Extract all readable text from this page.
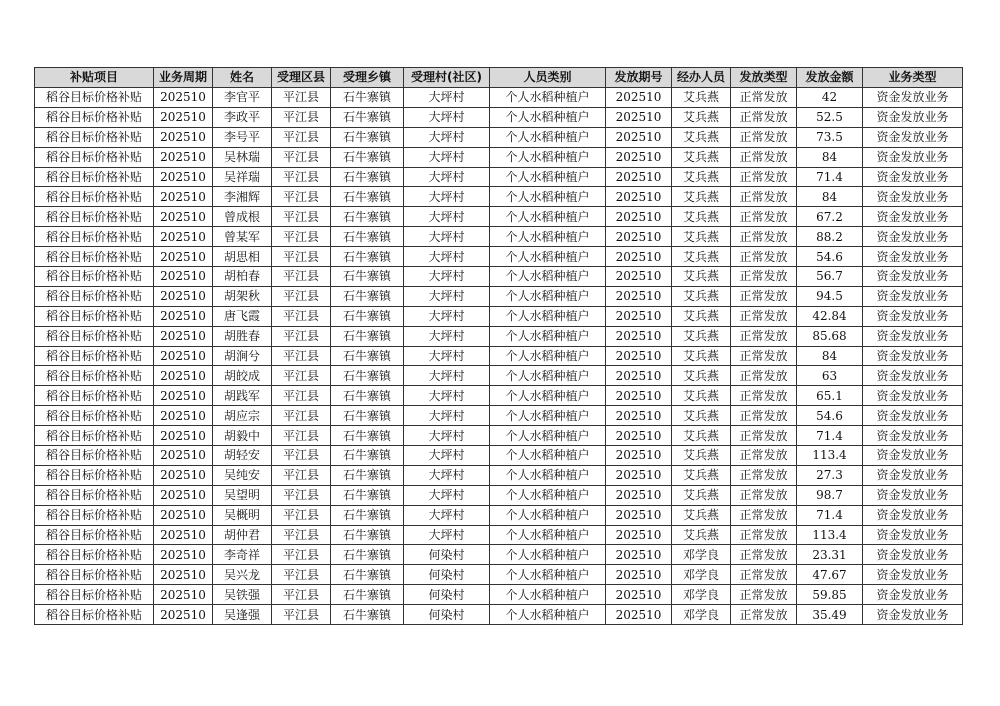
补贴项目	业务周期	姓名	受理区县	受理乡镇	受理村(社区)	人员类别	发放期号	经办人员	发放类型	发放金额	业务类型
稻谷目标价格补贴	202510	李官平	平江县	石牛寨镇	大坪村	个人水稻种植户	202510	艾兵燕	正常发放	42	资金发放业务
稻谷目标价格补贴	202510	李政平	平江县	石牛寨镇	大坪村	个人水稻种植户	202510	艾兵燕	正常发放	52.5	资金发放业务
稻谷目标价格补贴	202510	李号平	平江县	石牛寨镇	大坪村	个人水稻种植户	202510	艾兵燕	正常发放	73.5	资金发放业务
稻谷目标价格补贴	202510	吴林瑞	平江县	石牛寨镇	大坪村	个人水稻种植户	202510	艾兵燕	正常发放	84	资金发放业务
稻谷目标价格补贴	202510	吴祥瑞	平江县	石牛寨镇	大坪村	个人水稻种植户	202510	艾兵燕	正常发放	71.4	资金发放业务
稻谷目标价格补贴	202510	李湘辉	平江县	石牛寨镇	大坪村	个人水稻种植户	202510	艾兵燕	正常发放	84	资金发放业务
稻谷目标价格补贴	202510	曾成根	平江县	石牛寨镇	大坪村	个人水稻种植户	202510	艾兵燕	正常发放	67.2	资金发放业务
稻谷目标价格补贴	202510	曾某军	平江县	石牛寨镇	大坪村	个人水稻种植户	202510	艾兵燕	正常发放	88.2	资金发放业务
稻谷目标价格补贴	202510	胡思相	平江县	石牛寨镇	大坪村	个人水稻种植户	202510	艾兵燕	正常发放	54.6	资金发放业务
稻谷目标价格补贴	202510	胡柏春	平江县	石牛寨镇	大坪村	个人水稻种植户	202510	艾兵燕	正常发放	56.7	资金发放业务
稻谷目标价格补贴	202510	胡架秋	平江县	石牛寨镇	大坪村	个人水稻种植户	202510	艾兵燕	正常发放	94.5	资金发放业务
稻谷目标价格补贴	202510	唐飞霞	平江县	石牛寨镇	大坪村	个人水稻种植户	202510	艾兵燕	正常发放	42.84	资金发放业务
稻谷目标价格补贴	202510	胡胜春	平江县	石牛寨镇	大坪村	个人水稻种植户	202510	艾兵燕	正常发放	85.68	资金发放业务
稻谷目标价格补贴	202510	胡涧兮	平江县	石牛寨镇	大坪村	个人水稻种植户	202510	艾兵燕	正常发放	84	资金发放业务
稻谷目标价格补贴	202510	胡皎成	平江县	石牛寨镇	大坪村	个人水稻种植户	202510	艾兵燕	正常发放	63	资金发放业务
稻谷目标价格补贴	202510	胡践军	平江县	石牛寨镇	大坪村	个人水稻种植户	202510	艾兵燕	正常发放	65.1	资金发放业务
稻谷目标价格补贴	202510	胡应宗	平江县	石牛寨镇	大坪村	个人水稻种植户	202510	艾兵燕	正常发放	54.6	资金发放业务
稻谷目标价格补贴	202510	胡毅中	平江县	石牛寨镇	大坪村	个人水稻种植户	202510	艾兵燕	正常发放	71.4	资金发放业务
稻谷目标价格补贴	202510	胡轻安	平江县	石牛寨镇	大坪村	个人水稻种植户	202510	艾兵燕	正常发放	113.4	资金发放业务
稻谷目标价格补贴	202510	吴纯安	平江县	石牛寨镇	大坪村	个人水稻种植户	202510	艾兵燕	正常发放	27.3	资金发放业务
稻谷目标价格补贴	202510	吴望明	平江县	石牛寨镇	大坪村	个人水稻种植户	202510	艾兵燕	正常发放	98.7	资金发放业务
稻谷目标价格补贴	202510	吴概明	平江县	石牛寨镇	大坪村	个人水稻种植户	202510	艾兵燕	正常发放	71.4	资金发放业务
稻谷目标价格补贴	202510	胡仲君	平江县	石牛寨镇	大坪村	个人水稻种植户	202510	艾兵燕	正常发放	113.4	资金发放业务
稻谷目标价格补贴	202510	李奇祥	平江县	石牛寨镇	何染村	个人水稻种植户	202510	邓学良	正常发放	23.31	资金发放业务
稻谷目标价格补贴	202510	吴兴龙	平江县	石牛寨镇	何染村	个人水稻种植户	202510	邓学良	正常发放	47.67	资金发放业务
稻谷目标价格补贴	202510	吴铁强	平江县	石牛寨镇	何染村	个人水稻种植户	202510	邓学良	正常发放	59.85	资金发放业务
稻谷目标价格补贴	202510	吴逢强	平江县	石牛寨镇	何染村	个人水稻种植户	202510	邓学良	正常发放	35.49	资金发放业务
